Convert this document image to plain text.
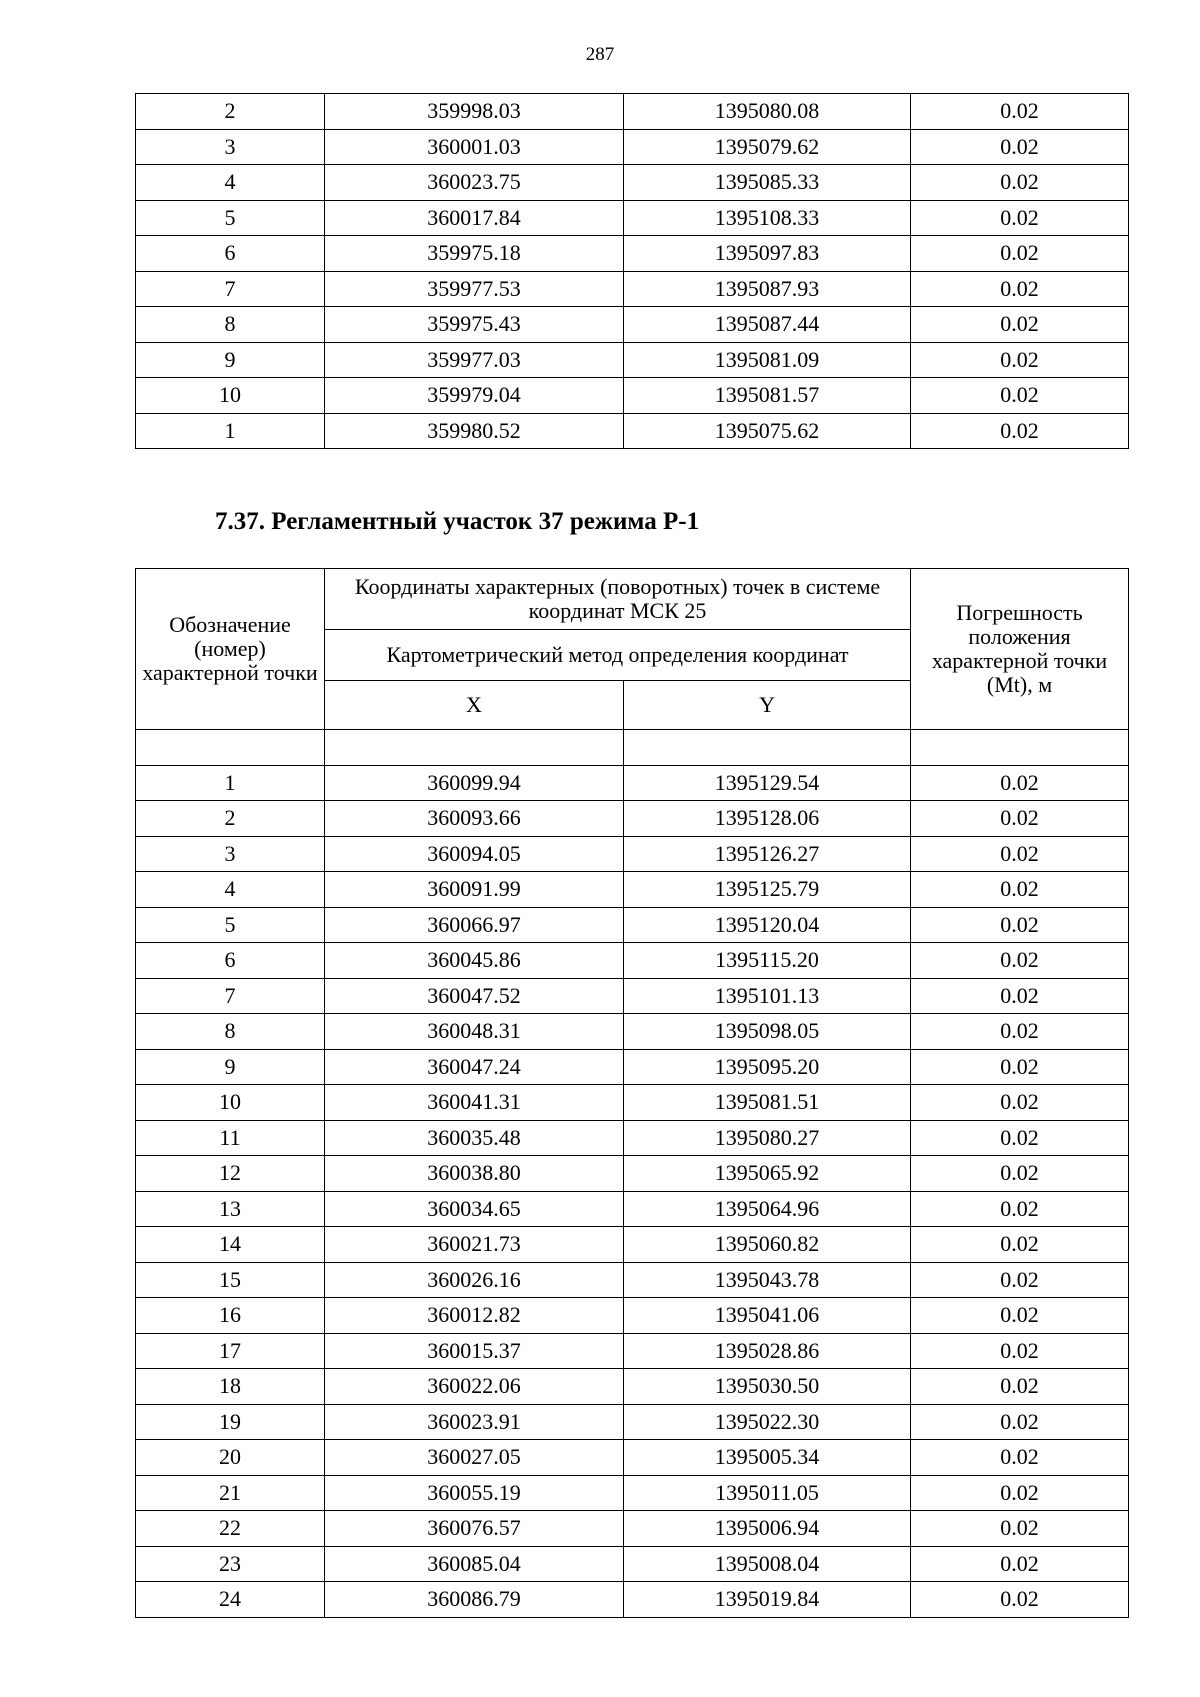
287
2	359998.03	1395080.08	0.02
3	360001.03	1395079.62	0.02
4	360023.75	1395085.33	0.02
5	360017.84	1395108.33	0.02
6	359975.18	1395097.83	0.02
7	359977.53	1395087.93	0.02
8	359975.43	1395087.44	0.02
9	359977.03	1395081.09	0.02
10	359979.04	1395081.57	0.02
1	359980.52	1395075.62	0.02
7.37. Регламентный участок 37 режима Р-1
Обозначение (номер) характерной точки	Координаты характерных (поворотных) точек в системе координат МСК 25		Погрешность положения характерной точки (Mt), м
	Картометрический метод определения координат		
	X	Y	

1	360099.94	1395129.54	0.02
2	360093.66	1395128.06	0.02
3	360094.05	1395126.27	0.02
4	360091.99	1395125.79	0.02
5	360066.97	1395120.04	0.02
6	360045.86	1395115.20	0.02
7	360047.52	1395101.13	0.02
8	360048.31	1395098.05	0.02
9	360047.24	1395095.20	0.02
10	360041.31	1395081.51	0.02
11	360035.48	1395080.27	0.02
12	360038.80	1395065.92	0.02
13	360034.65	1395064.96	0.02
14	360021.73	1395060.82	0.02
15	360026.16	1395043.78	0.02
16	360012.82	1395041.06	0.02
17	360015.37	1395028.86	0.02
18	360022.06	1395030.50	0.02
19	360023.91	1395022.30	0.02
20	360027.05	1395005.34	0.02
21	360055.19	1395011.05	0.02
22	360076.57	1395006.94	0.02
23	360085.04	1395008.04	0.02
24	360086.79	1395019.84	0.02
